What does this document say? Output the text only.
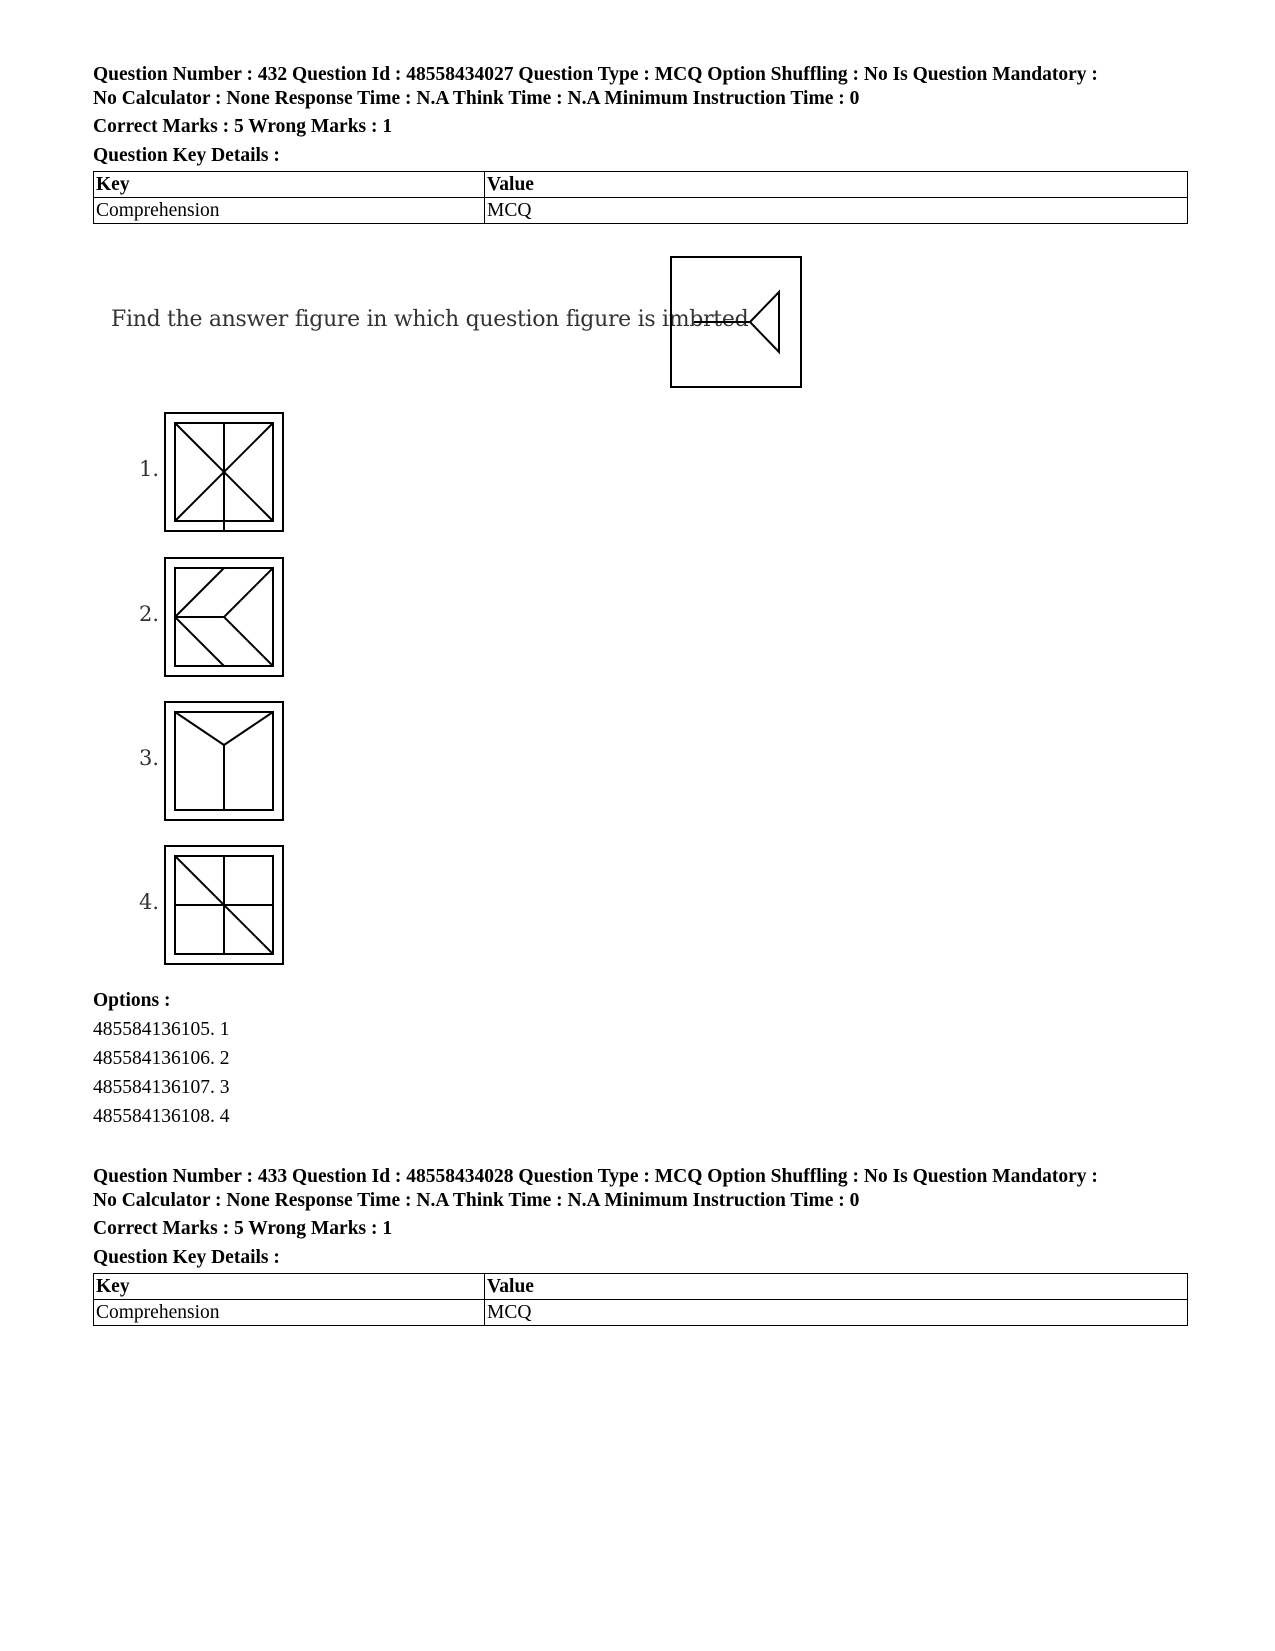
Question Number : 432 Question Id : 48558434027 Question Type : MCQ Option Shuffling : No Is Question Mandatory :
No Calculator : None Response Time : N.A Think Time : N.A Minimum Instruction Time : 0
Correct Marks : 5 Wrong Marks : 1
Question Key Details :
Key	Value
Comprehension	MCQ
Find the answer figure in which question figure is imbrted
1.
2.
3.
4.
Options :
485584136105. 1
485584136106. 2
485584136107. 3
485584136108. 4
Question Number : 433 Question Id : 48558434028 Question Type : MCQ Option Shuffling : No Is Question Mandatory :
No Calculator : None Response Time : N.A Think Time : N.A Minimum Instruction Time : 0
Correct Marks : 5 Wrong Marks : 1
Question Key Details :
Key	Value
Comprehension	MCQ
